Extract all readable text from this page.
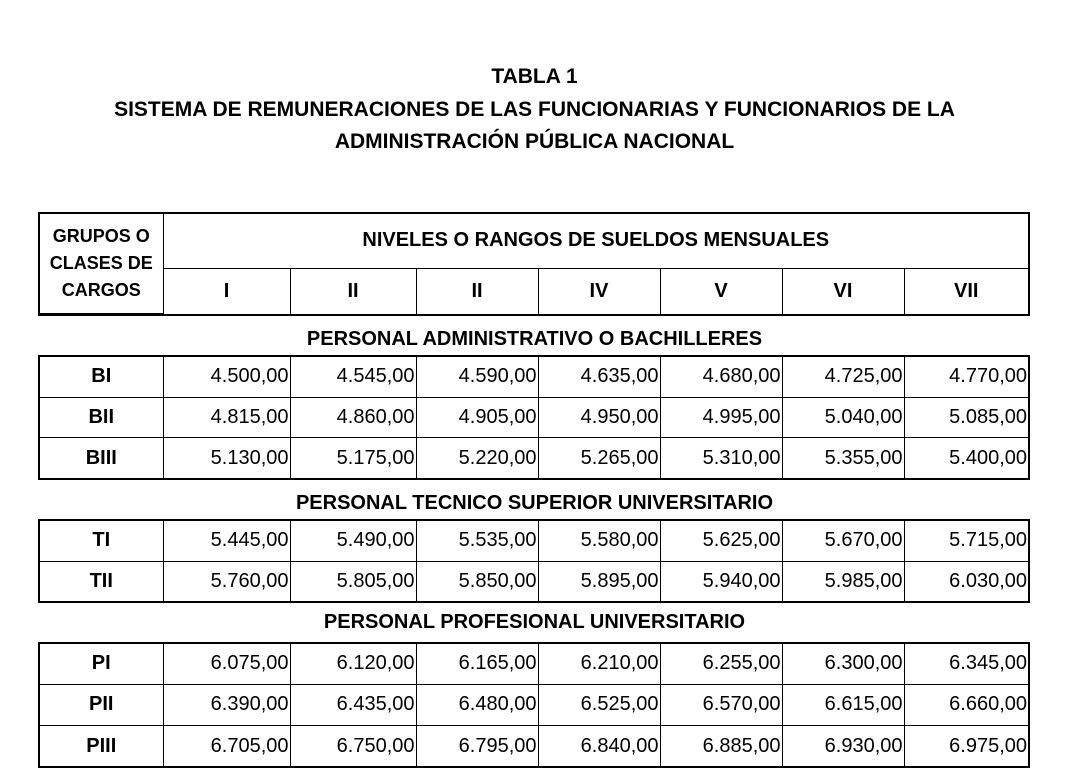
TABLA 1
SISTEMA DE REMUNERACIONES DE LAS FUNCIONARIAS Y FUNCIONARIOS DE LA
ADMINISTRACIÓN PÚBLICA NACIONAL
GRUPOS O
CLASES DE
CARGOS	NIVELES O RANGOS DE SUELDOS MENSUALES						
	I	II	II	IV	V	VI	VII
PERSONAL ADMINISTRATIVO O BACHILLERES
BI	4.500,00	4.545,00	4.590,00	4.635,00	4.680,00	4.725,00	4.770,00
BII	4.815,00	4.860,00	4.905,00	4.950,00	4.995,00	5.040,00	5.085,00
BIII	5.130,00	5.175,00	5.220,00	5.265,00	5.310,00	5.355,00	5.400,00
PERSONAL TECNICO SUPERIOR UNIVERSITARIO
TI	5.445,00	5.490,00	5.535,00	5.580,00	5.625,00	5.670,00	5.715,00
TII	5.760,00	5.805,00	5.850,00	5.895,00	5.940,00	5.985,00	6.030,00
PERSONAL PROFESIONAL UNIVERSITARIO
PI	6.075,00	6.120,00	6.165,00	6.210,00	6.255,00	6.300,00	6.345,00
PII	6.390,00	6.435,00	6.480,00	6.525,00	6.570,00	6.615,00	6.660,00
PIII	6.705,00	6.750,00	6.795,00	6.840,00	6.885,00	6.930,00	6.975,00
